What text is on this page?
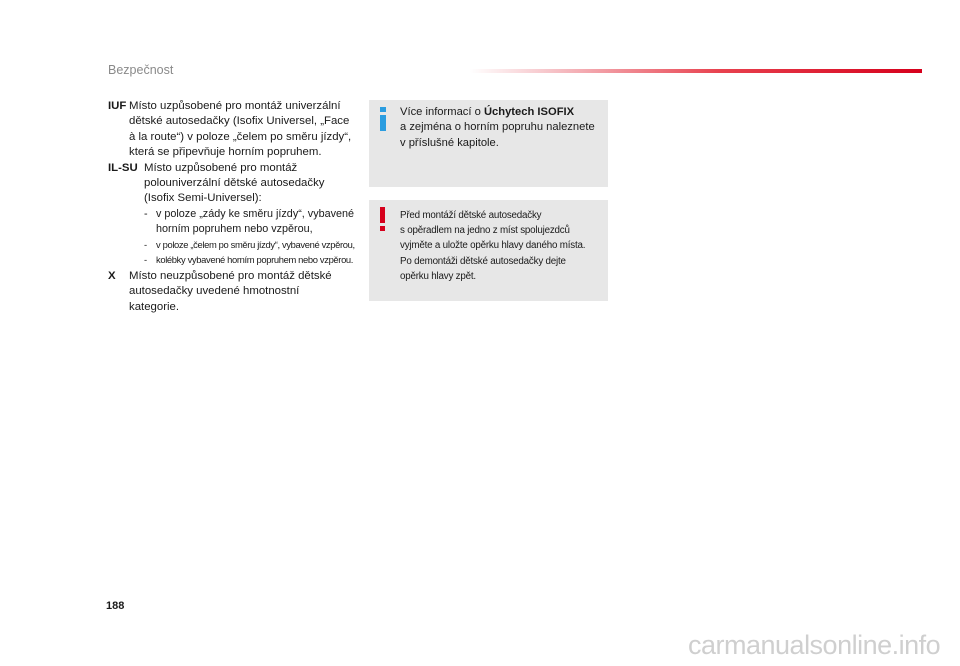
Bezpečnost
IUF Místo uzpůsobené pro montáž univerzální
dětské autosedačky (Isofix Universel, „Face
à la route“) v poloze „čelem po směru jízdy“,
která se připevňuje horním popruhem.
IL-SU Místo uzpůsobené pro montáž
polouniverzální dětské autosedačky
(Isofix Semi-Universel):
- v poloze „zády ke směru jízdy“, vybavené
horním popruhem nebo vzpěrou,
- v poloze „čelem po směru jízdy“, vybavené vzpěrou,
- kolébky vybavené horním popruhem nebo vzpěrou.
X	Místo neuzpůsobené pro montáž dětské
autosedačky uvedené hmotnostní
kategorie.
Více informací o Úchytech ISOFIX
a zejména o horním popruhu naleznete
v příslušné kapitole.
Před montáží dětské autosedačky
s opěradlem na jedno z míst spolujezdců
vyjměte a uložte opěrku hlavy daného místa.
Po demontáži dětské autosedačky dejte
opěrku hlavy zpět.
188
carmanualsonline.info
